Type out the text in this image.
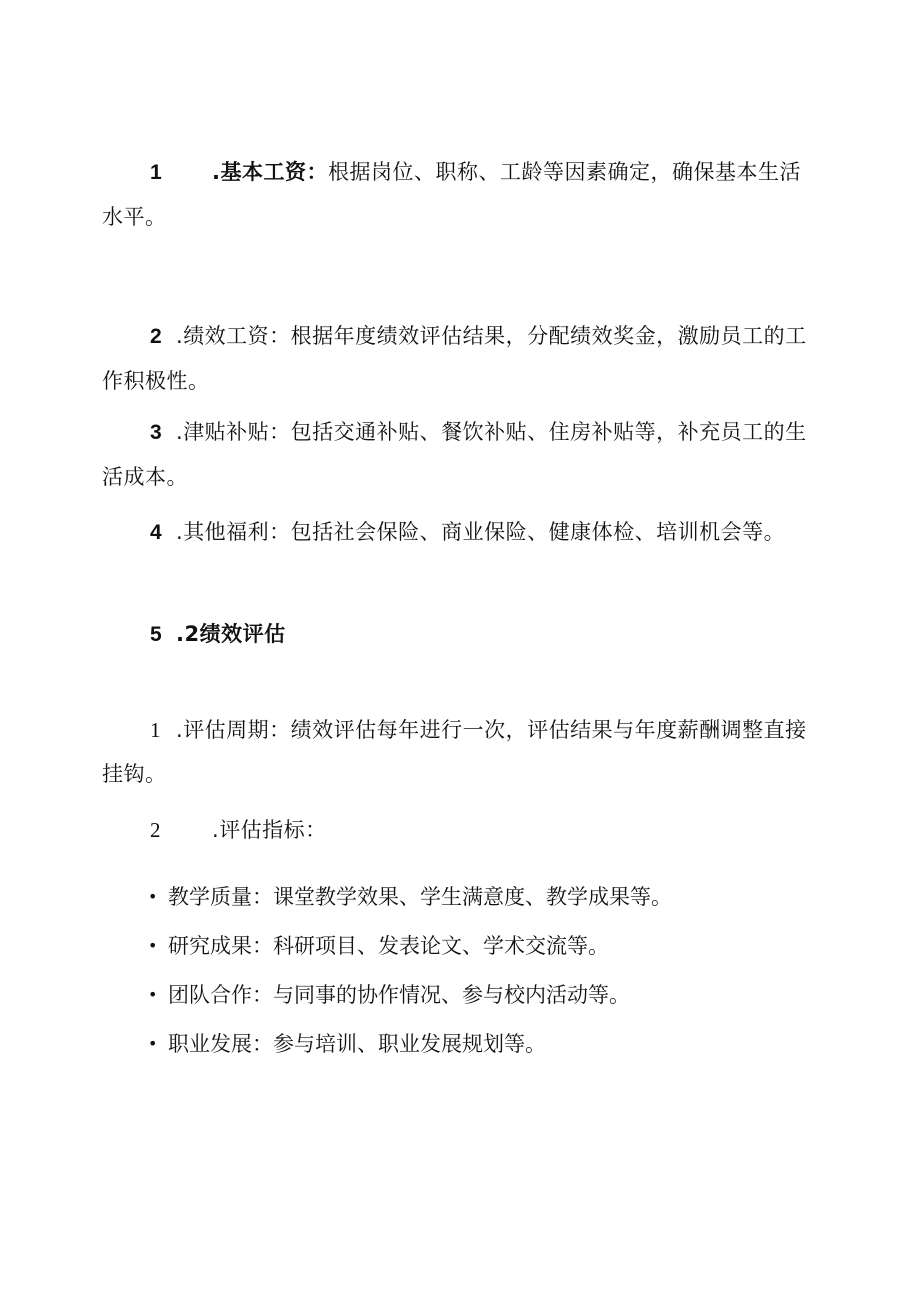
1 .基本工资：根据岗位、职称、工龄等因素确定，确保基本生活
水平。
2 .绩效工资：根据年度绩效评估结果，分配绩效奖金，激励员工的工
作积极性。
3 .津贴补贴：包括交通补贴、餐饮补贴、住房补贴等，补充员工的生
活成本。
4 .其他福利：包括社会保险、商业保险、健康体检、培训机会等。
5 .2绩效评估
1 .评估周期：绩效评估每年进行一次，评估结果与年度薪酬调整直接
挂钩。
2 .评估指标：
• 教学质量：课堂教学效果、学生满意度、教学成果等。
• 研究成果：科研项目、发表论文、学术交流等。
• 团队合作：与同事的协作情况、参与校内活动等。
• 职业发展：参与培训、职业发展规划等。
